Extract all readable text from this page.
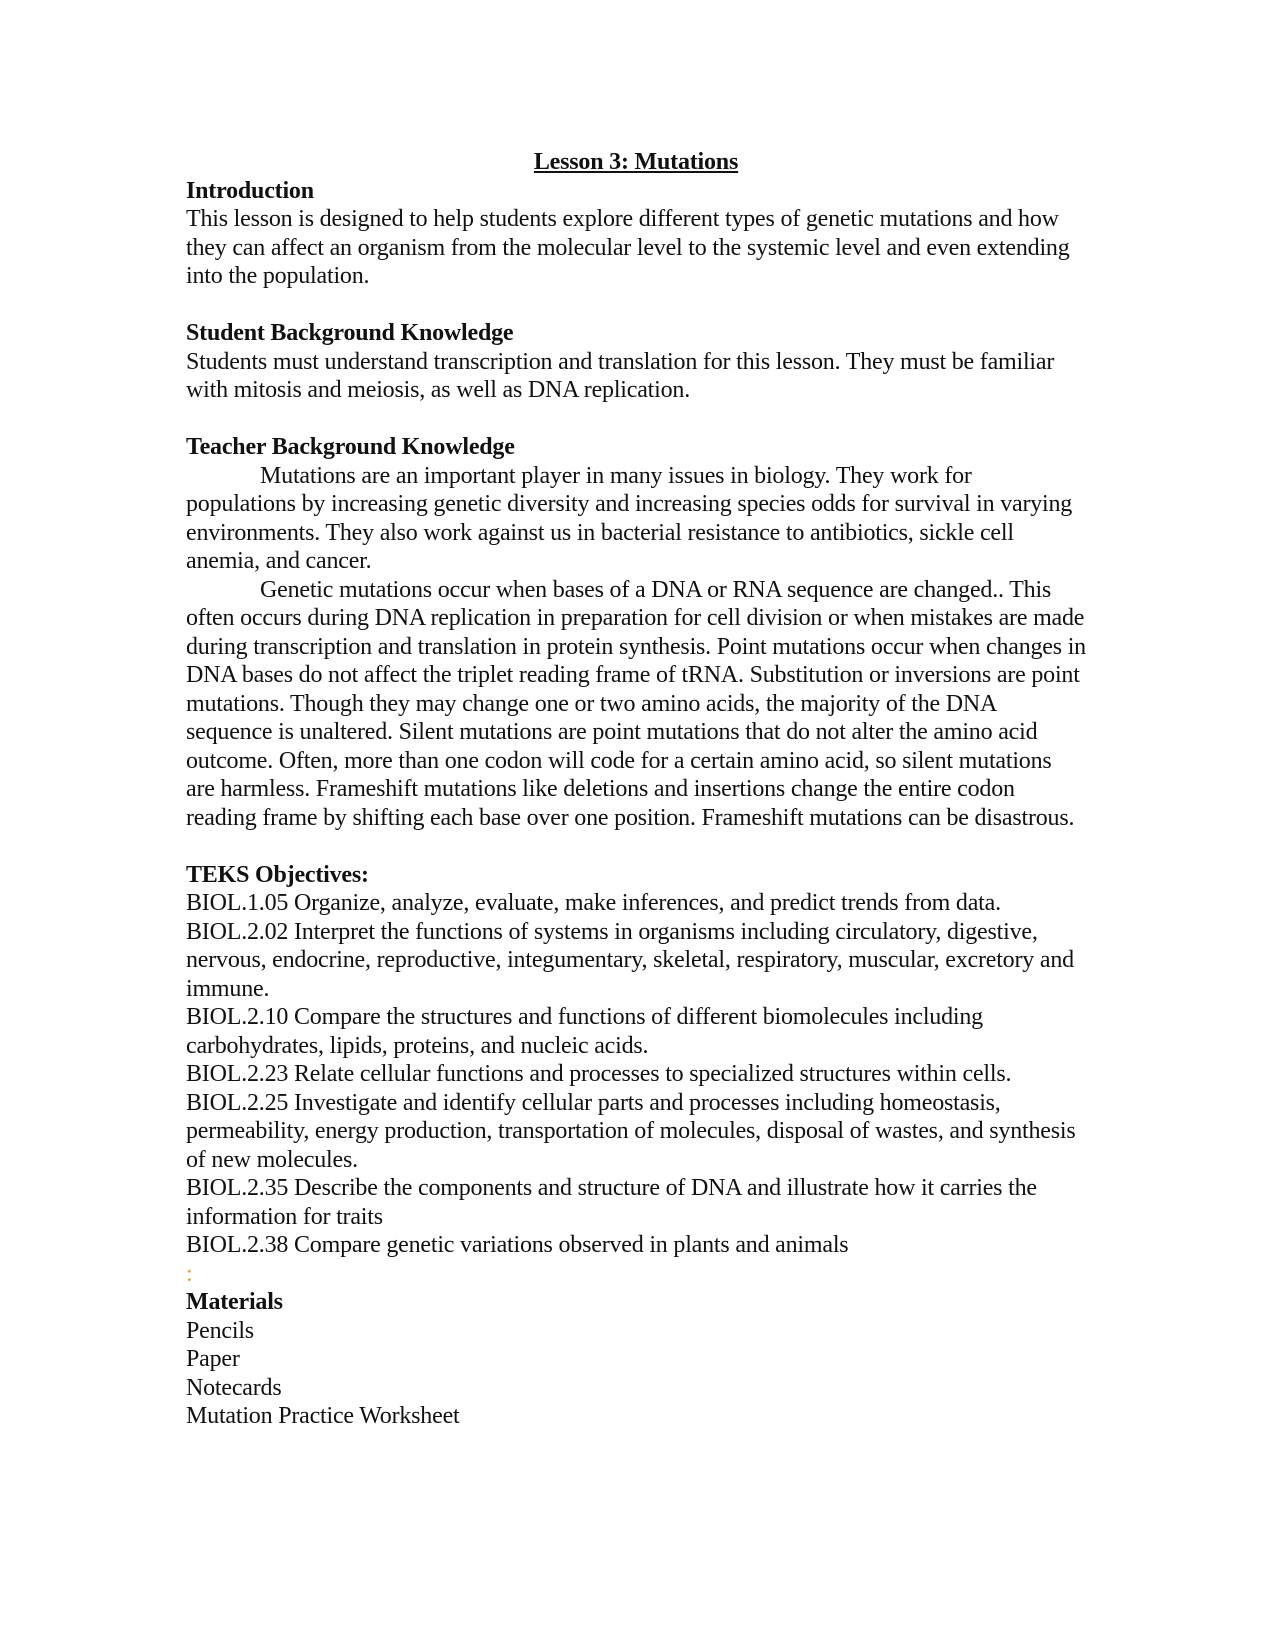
Lesson 3: Mutations

Introduction

This lesson is designed to help students explore different types of genetic mutations and how they can affect an organism from the molecular level to the systemic level and even extending into the population.

Student Background Knowledge

Students must understand transcription and translation for this lesson. They must be familiar with mitosis and meiosis, as well as DNA replication.

Teacher Background Knowledge

Mutations are an important player in many issues in biology. They work for populations by increasing genetic diversity and increasing species odds for survival in varying environments. They also work against us in bacterial resistance to antibiotics, sickle cell anemia, and cancer.

Genetic mutations occur when bases of a DNA or RNA sequence are changed.. This often occurs during DNA replication in preparation for cell division or when mistakes are made during transcription and translation in protein synthesis. Point mutations occur when changes in DNA bases do not affect the triplet reading frame of tRNA. Substitution or inversions are point mutations. Though they may change one or two amino acids, the majority of the DNA sequence is unaltered. Silent mutations are point mutations that do not alter the amino acid outcome. Often, more than one codon will code for a certain amino acid, so silent mutations are harmless. Frameshift mutations like deletions and insertions change the entire codon reading frame by shifting each base over one position. Frameshift mutations can be disastrous.

TEKS Objectives:

BIOL.1.05 Organize, analyze, evaluate, make inferences, and predict trends from data.

BIOL.2.02 Interpret the functions of systems in organisms including circulatory, digestive, nervous, endocrine, reproductive, integumentary, skeletal, respiratory, muscular, excretory and immune.

BIOL.2.10 Compare the structures and functions of different biomolecules including carbohydrates, lipids, proteins, and nucleic acids.

BIOL.2.23 Relate cellular functions and processes to specialized structures within cells.

BIOL.2.25 Investigate and identify cellular parts and processes including homeostasis, permeability, energy production, transportation of molecules, disposal of wastes, and synthesis of new molecules.

BIOL.2.35 Describe the components and structure of DNA and illustrate how it carries the information for traits

BIOL.2.38 Compare genetic variations observed in plants and animals

:

Materials

Pencils

Paper

Notecards

Mutation Practice Worksheet
